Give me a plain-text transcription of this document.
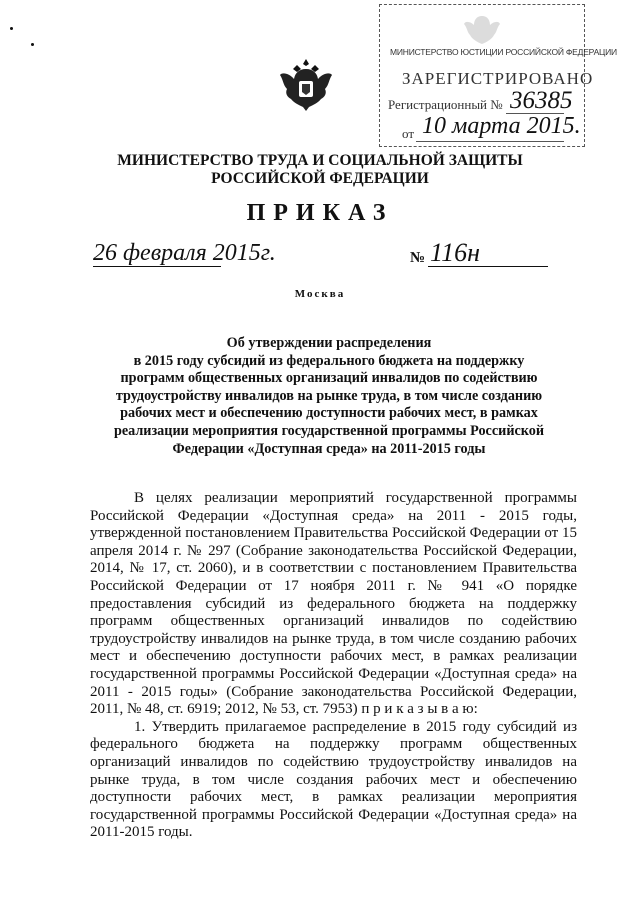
МИНИСТЕРСТВО ЮСТИЦИИ РОССИЙСКОЙ ФЕДЕРАЦИИ
ЗАРЕГИСТРИРОВАНО
Регистрационный № 36385
от 10 марта 2015.
МИНИСТЕРСТВО ТРУДА И СОЦИАЛЬНОЙ ЗАЩИТЫ
РОССИЙСКОЙ ФЕДЕРАЦИИ
ПРИКАЗ
26 февраля 2015г.	№ 116н
Москва
Об утверждении распределения
в 2015 году субсидий из федерального бюджета на поддержку
программ общественных организаций инвалидов по содействию
трудоустройству инвалидов на рынке труда, в том числе созданию
рабочих мест и обеспечению доступности рабочих мест, в рамках
реализации мероприятия государственной программы Российской
Федерации «Доступная среда» на 2011-2015 годы

В целях реализации мероприятий государственной программы Российской Федерации «Доступная среда» на 2011 - 2015 годы, утвержденной постановлением Правительства Российской Федерации от 15 апреля 2014 г. № 297 (Собрание законодательства Российской Федерации, 2014, № 17, ст. 2060), и в соответствии с постановлением Правительства Российской Федерации от 17 ноября 2011 г. № 941 «О порядке предоставления субсидий из федерального бюджета на поддержку программ общественных организаций инвалидов по содействию трудоустройству инвалидов на рынке труда, в том числе созданию рабочих мест и обеспечению доступности рабочих мест, в рамках реализации государственной программы Российской Федерации «Доступная среда» на 2011 - 2015 годы» (Собрание законодательства Российской Федерации, 2011, № 48, ст. 6919; 2012, № 53, ст. 7953) п р и к а з ы в а ю:

1. Утвердить прилагаемое распределение в 2015 году субсидий из федерального бюджета на поддержку программ общественных организаций инвалидов по содействию трудоустройству инвалидов на рынке труда, в том числе создания рабочих мест и обеспечению доступности рабочих мест, в рамках реализации мероприятия государственной программы Российской Федерации «Доступная среда» на 2011-2015 годы.
